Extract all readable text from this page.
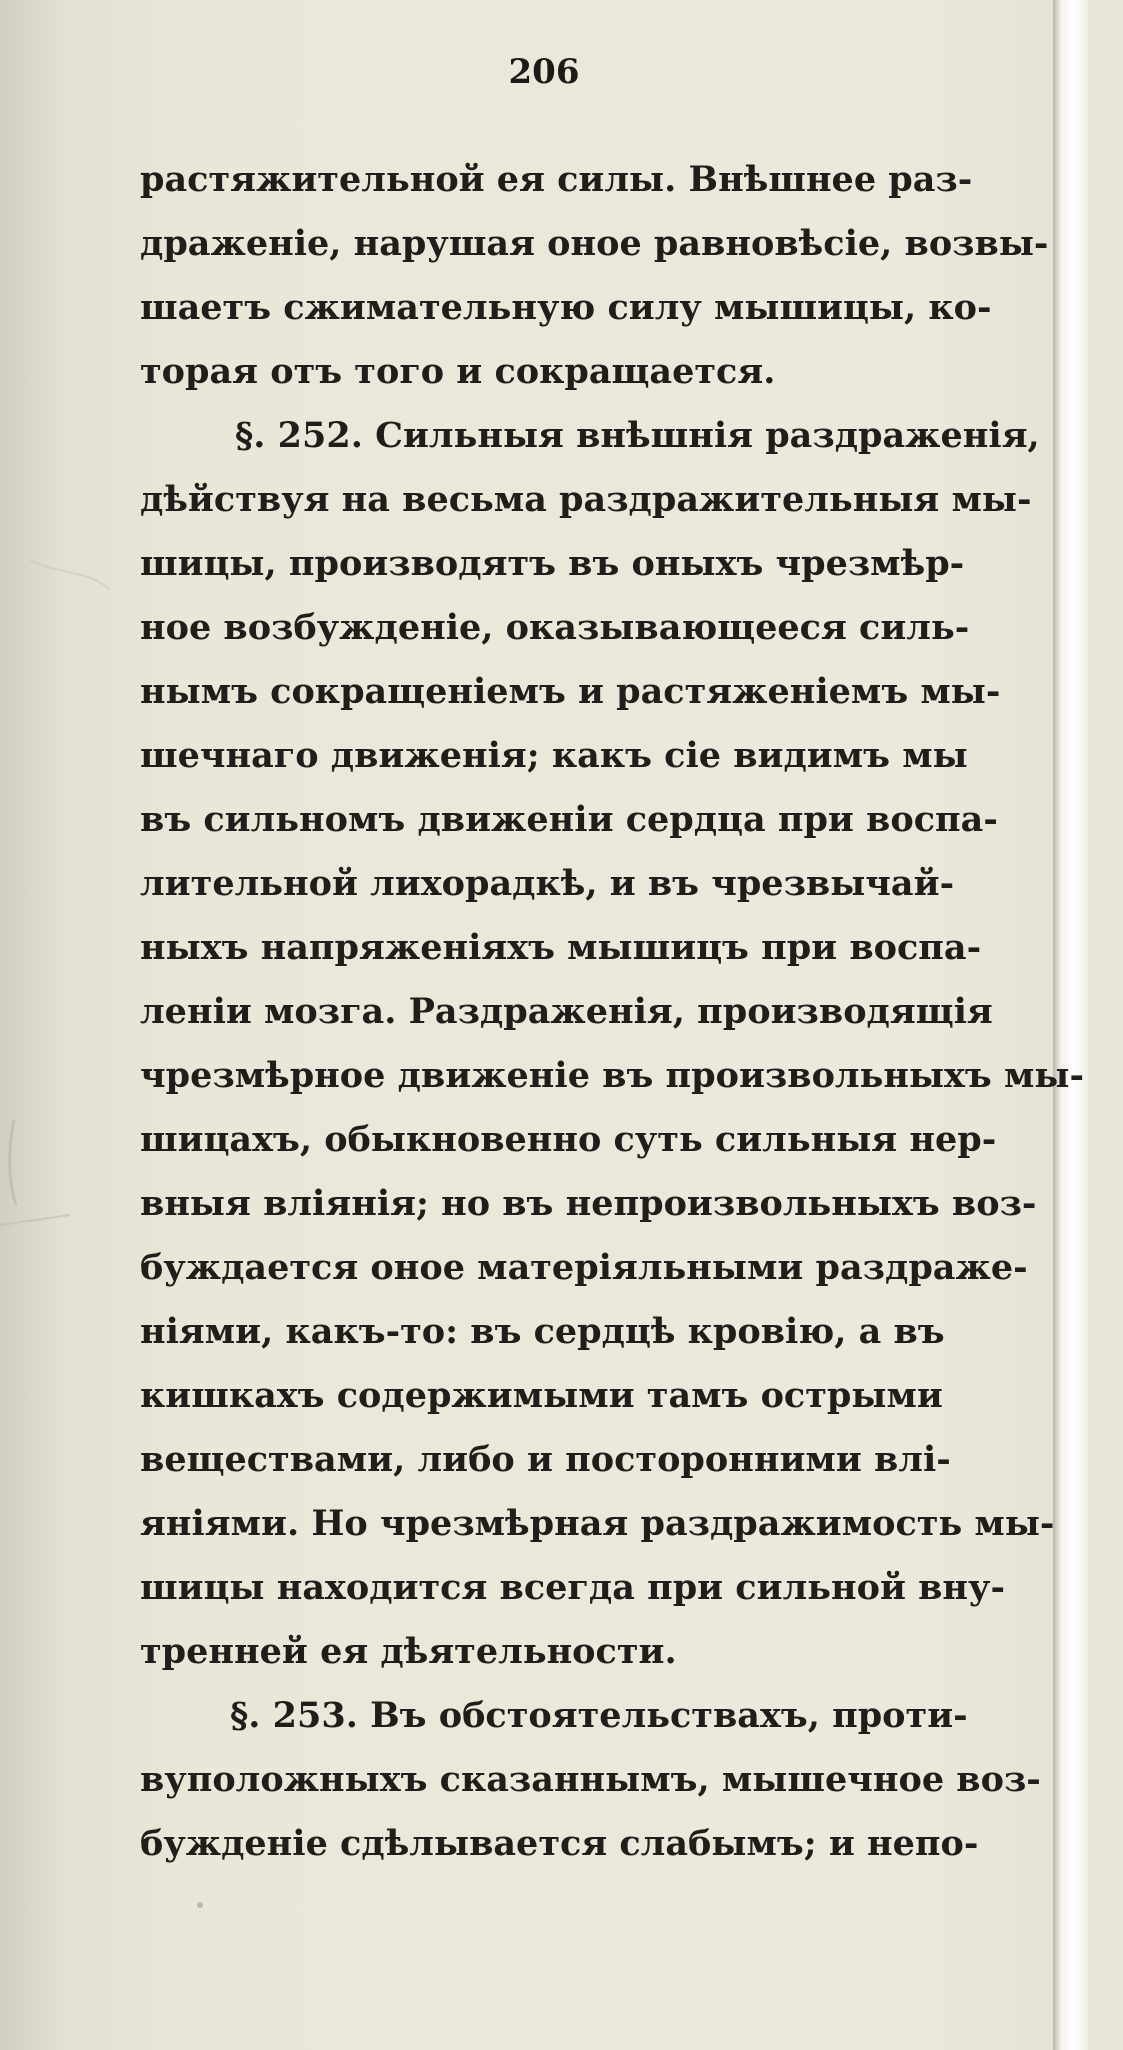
206
растяжительной ея силы. Внѣшнее раз-
драженіе, нарушая оное равновѣсіе, возвы-
шаетъ сжимательную силу мышицы, ко-
торая отъ того и сокращается.
§. 252. Сильныя внѣшнія раздраженія,
дѣйствуя на весьма раздражительныя мы-
шицы, производятъ въ оныхъ чрезмѣр-
ное возбужденіе, оказывающееся силь-
нымъ сокращеніемъ и растяженіемъ мы-
шечнаго движенія; какъ сіе видимъ мы
въ сильномъ движеніи сердца при воспа-
лительной лихорадкѣ, и въ чрезвычай-
ныхъ напряженіяхъ мышицъ при воспа-
леніи мозга. Раздраженія, производящія
чрезмѣрное движеніе въ произвольныхъ мы-
шицахъ, обыкновенно суть сильныя нер-
вныя вліянія; но въ непроизвольныхъ воз-
буждается оное матеріяльными раздраже-
ніями, какъ-то: въ сердцѣ кровію, а въ
кишкахъ содержимыми тамъ острыми
веществами, либо и посторонними влі-
яніями. Но чрезмѣрная раздражимость мы-
шицы находится всегда при сильной вну-
тренней ея дѣятельности.
§. 253. Въ обстоятельствахъ, проти-
вуположныхъ сказаннымъ, мышечное воз-
бужденіе сдѣлывается слабымъ; и непо-
